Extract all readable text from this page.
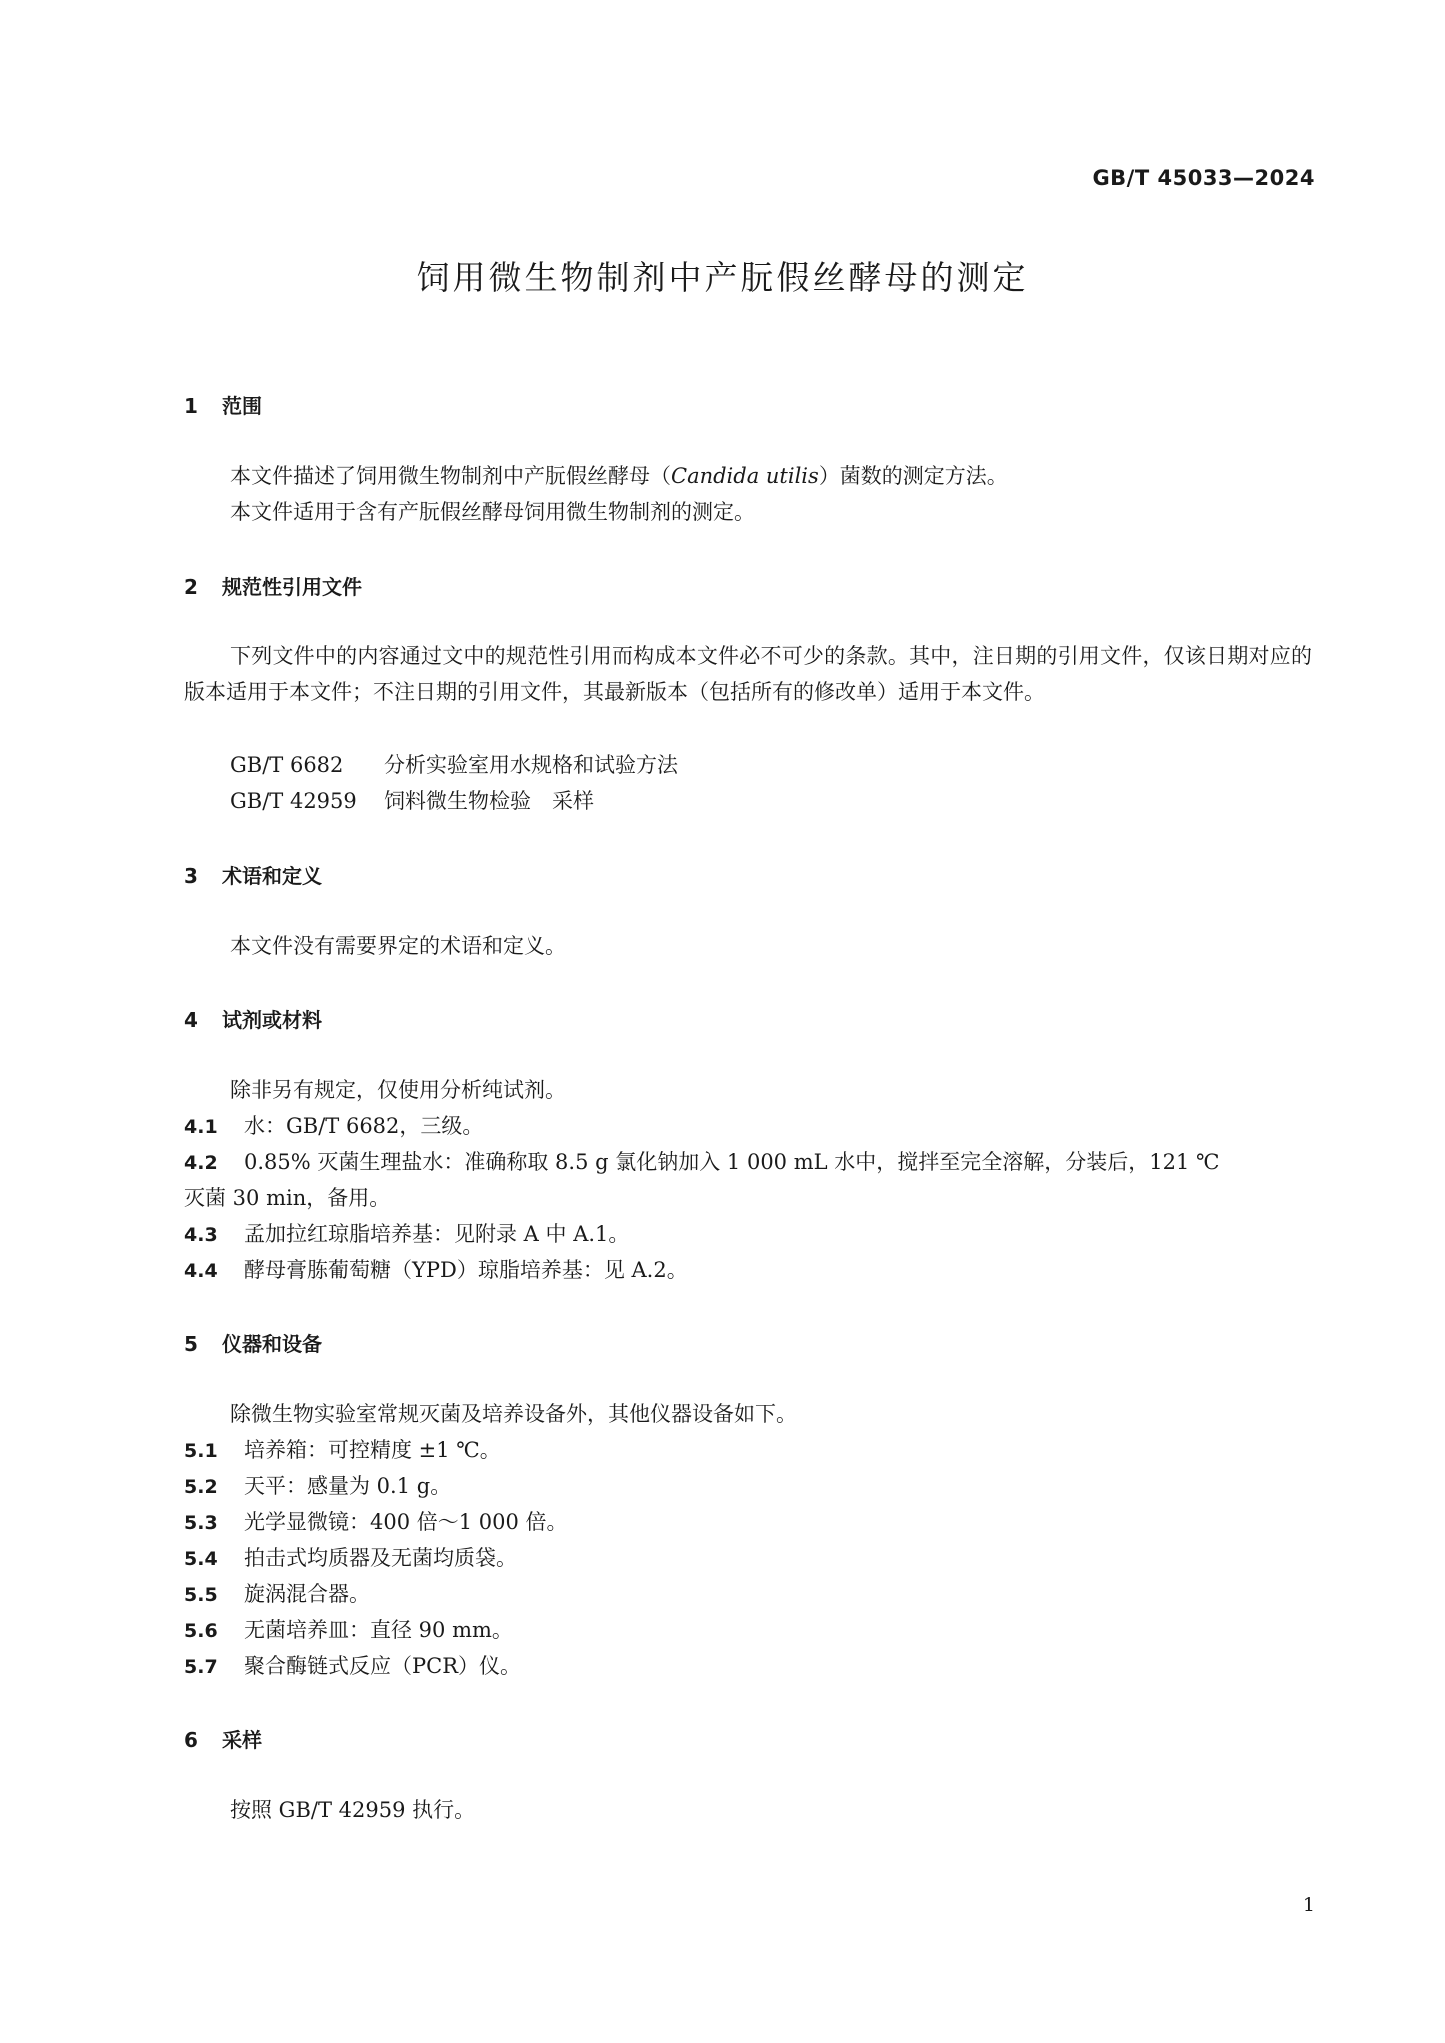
GB/T 45033—2024
饲用微生物制剂中产朊假丝酵母的测定
1 范围
本文件描述了饲用微生物制剂中产朊假丝酵母（Candida utilis）菌数的测定方法。
本文件适用于含有产朊假丝酵母饲用微生物制剂的测定。
2 规范性引用文件
下列文件中的内容通过文中的规范性引用而构成本文件必不可少的条款。其中，注日期的引用文件，仅该日期对应的版本适用于本文件；不注日期的引用文件，其最新版本（包括所有的修改单）适用于本文件。
GB/T 6682 分析实验室用水规格和试验方法
GB/T 42959 饲料微生物检验　采样
3 术语和定义
本文件没有需要界定的术语和定义。
4 试剂或材料
除非另有规定，仅使用分析纯试剂。
4.1 水：GB/T 6682，三级。
4.2 0.85% 灭菌生理盐水：准确称取 8.5 g 氯化钠加入 1 000 mL 水中，搅拌至完全溶解，分装后，121 ℃
灭菌 30 min，备用。
4.3 孟加拉红琼脂培养基：见附录 A 中 A.1。
4.4 酵母膏胨葡萄糖（YPD）琼脂培养基：见 A.2。
5 仪器和设备
除微生物实验室常规灭菌及培养设备外，其他仪器设备如下。
5.1 培养箱：可控精度 ±1 ℃。
5.2 天平：感量为 0.1 g。
5.3 光学显微镜：400 倍～1 000 倍。
5.4 拍击式均质器及无菌均质袋。
5.5 旋涡混合器。
5.6 无菌培养皿：直径 90 mm。
5.7 聚合酶链式反应（PCR）仪。
6 采样
按照 GB/T 42959 执行。
1
